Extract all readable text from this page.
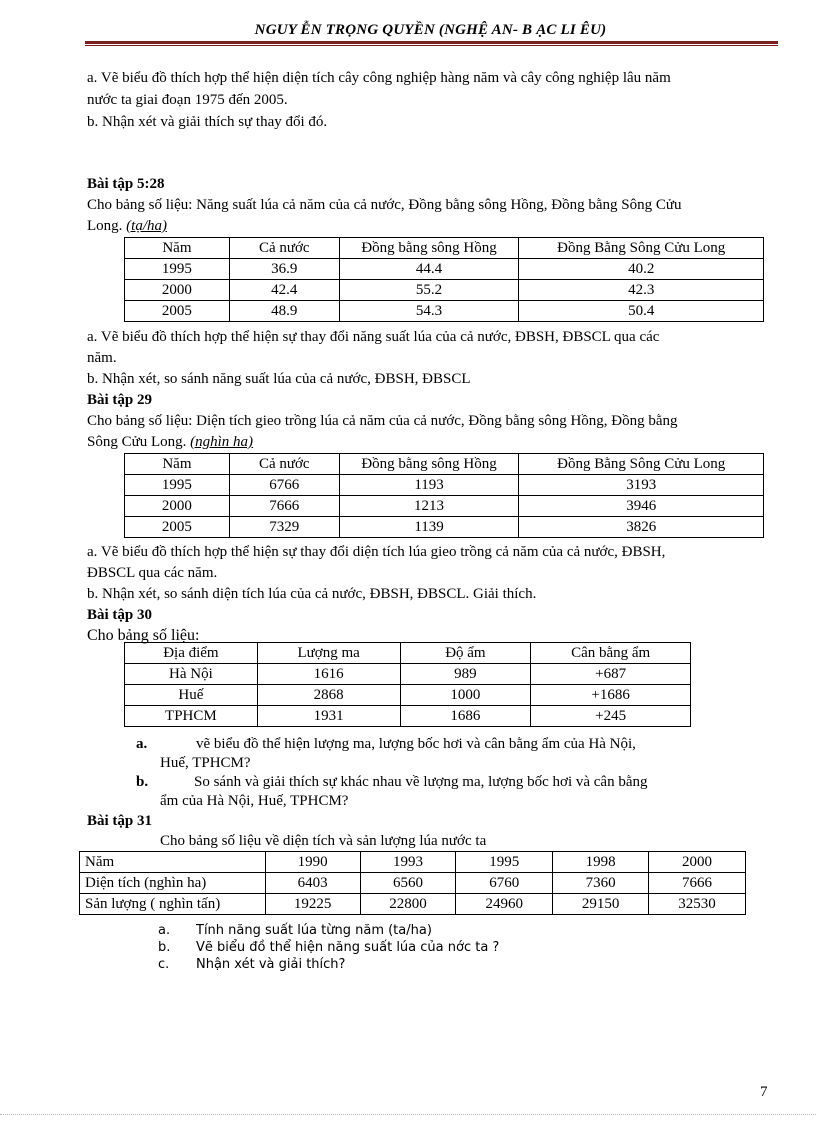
NGUY ỄN TRỌNG QUYỀN (NGHỆ AN- B ẠC LI ÊU)
a. Vẽ biểu đồ thích hợp thể hiện diện tích cây công nghiệp hàng năm và cây công nghiệp lâu năm
nước ta giai đoạn 1975 đến 2005.
b. Nhận xét và giải thích sự thay đổi đó.
Bài tập 5:28
Cho bảng số liệu: Năng suất lúa cả năm của cả nước, Đồng bằng sông Hồng, Đồng bằng Sông Cửu
Long. (tạ/ha)
Năm	Cả nước	Đồng bằng sông Hồng	Đồng Bằng Sông Cửu Long
1995	36.9	44.4	40.2
2000	42.4	55.2	42.3
2005	48.9	54.3	50.4
a. Vẽ biểu đồ thích hợp thể hiện sự thay đổi năng suất lúa của cả nước, ĐBSH, ĐBSCL qua các
năm.
b. Nhận xét, so sánh năng suất lúa của cả nước, ĐBSH, ĐBSCL
Bài tập 29
Cho bảng số liệu: Diện tích gieo trồng lúa cả năm của cả nước, Đồng bằng sông Hồng, Đồng bằng
Sông Cửu Long. (nghìn ha)
Năm	Cả nước	Đồng bằng sông Hồng	Đồng Bằng Sông Cửu Long
1995	6766	1193	3193
2000	7666	1213	3946
2005	7329	1139	3826
a. Vẽ biểu đồ thích hợp thể hiện sự thay đổi diện tích lúa gieo trồng cả năm của cả nước, ĐBSH,
ĐBSCL qua các năm.
b. Nhận xét, so sánh diện tích lúa của cả nước, ĐBSH, ĐBSCL. Giải thích.
Bài tập 30
Cho bảng số liệu:
Địa điểm	Lượng ma	Độ ẩm	Cân bằng ẩm
Hà Nội	1616	989	+687
Huế	2868	1000	+1686
TPHCM	1931	1686	+245
a.	vẽ biểu đồ thể hiện lượng ma, lượng bốc hơi và cân bằng ẩm của Hà Nội,
Huế, TPHCM?
b.	So sánh và giải thích sự khác nhau về lượng ma, lượng bốc hơi và cân bằng
ẩm của Hà Nội, Huế, TPHCM?
Bài tập 31
Cho bảng số liệu về diện tích và sản lượng lúa nước ta
Năm	1990	1993	1995	1998	2000
Diện tích (nghìn ha)	6403	6560	6760	7360	7666
Sản lượng ( nghìn tấn)	19225	22800	24960	29150	32530
a. Tính năng suất lúa từng năm (ta/ha)
b. Vẽ biểu đồ thể hiện năng suất lúa của nớc ta ?
c. Nhận xét và giải thích?
7
